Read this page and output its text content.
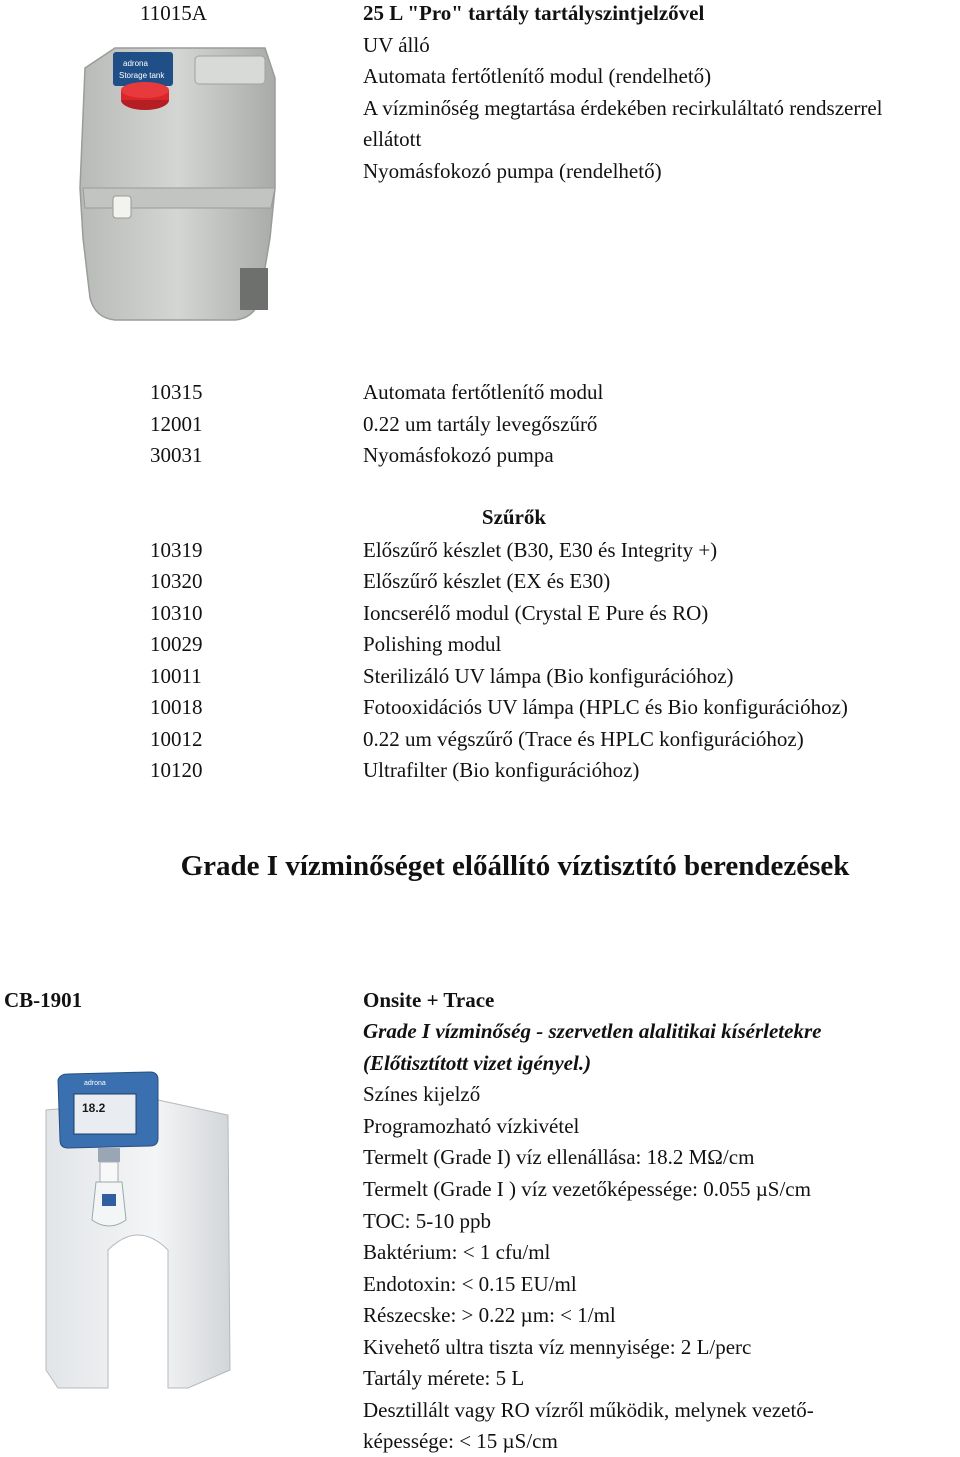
11015A	25 L "Pro" tartály tartályszintjelzővel
UV álló
Automata fertőtlenítő modul (rendelhető)
A vízminőség megtartása érdekében recirkuláltató rendszerrel
ellátott
Nyomásfokozó pumpa (rendelhető)
adrona
Storage tank
10315	Automata fertőtlenítő modul
12001	0.22 um tartály levegőszűrő
30031	Nyomásfokozó pumpa
Szűrők
10319	Előszűrő készlet (B30, E30 és Integrity +)
10320	Előszűrő készlet (EX és E30)
10310	Ioncserélő modul (Crystal E Pure és RO)
10029	Polishing modul
10011	Sterilizáló UV lámpa (Bio konfigurációhoz)
10018	Fotooxidációs UV lámpa (HPLC és Bio konfigurációhoz)
10012	0.22 um végszűrő (Trace és HPLC konfigurációhoz)
10120	Ultrafilter (Bio konfigurációhoz)
Grade I vízminőséget előállító víztisztító berendezések
CB-1901	Onsite + Trace
Grade I vízminőség - szervetlen alalitikai kísérletekre
(Előtisztított vizet igényel.)
Színes kijelző
Programozható vízkivétel
Termelt (Grade I) víz ellenállása: 18.2 MΩ/cm
Termelt (Grade I ) víz vezetőképessége: 0.055 µS/cm
TOC: 5-10 ppb
Baktérium: < 1 cfu/ml
Endotoxin: < 0.15 EU/ml
Részecske: > 0.22 µm: < 1/ml
Kivehető ultra tiszta víz mennyisége: 2 L/perc
Tartály mérete: 5 L
Desztillált vagy RO vízről működik, melynek vezető-
képessége: < 15 µS/cm
18.2
adrona
